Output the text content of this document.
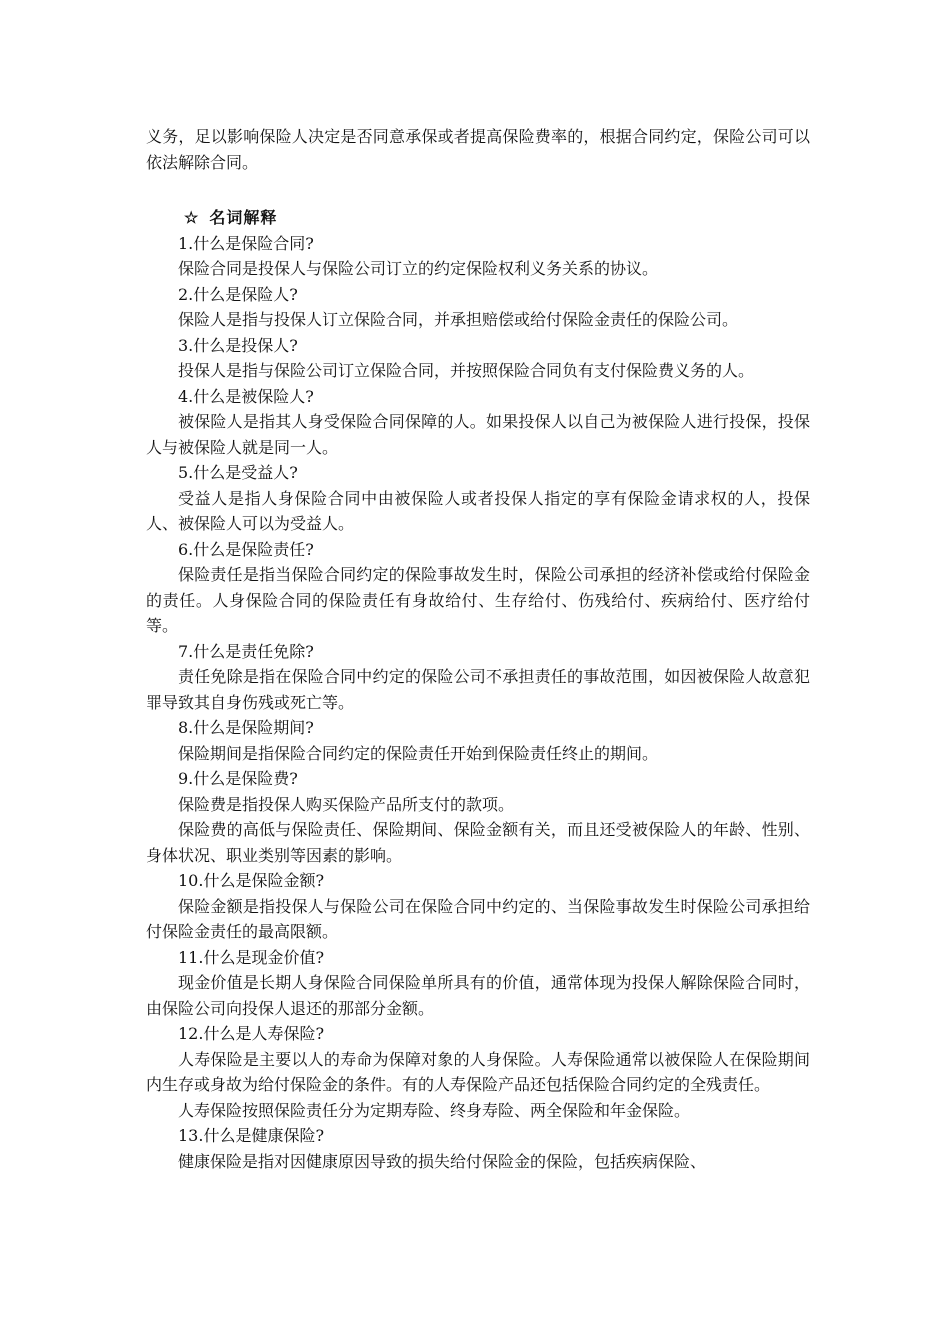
义务，足以影响保险人决定是否同意承保或者提高保险费率的，根据合同约定，保险公司可以依法解除合同。

☆ 名词解释

1.什么是保险合同?

保险合同是投保人与保险公司订立的约定保险权利义务关系的协议。

2.什么是保险人?

保险人是指与投保人订立保险合同，并承担赔偿或给付保险金责任的保险公司。

3.什么是投保人?

投保人是指与保险公司订立保险合同，并按照保险合同负有支付保险费义务的人。

4.什么是被保险人?

被保险人是指其人身受保险合同保障的人。如果投保人以自己为被保险人进行投保，投保人与被保险人就是同一人。

5.什么是受益人?

受益人是指人身保险合同中由被保险人或者投保人指定的享有保险金请求权的人，投保人、被保险人可以为受益人。

6.什么是保险责任?

保险责任是指当保险合同约定的保险事故发生时，保险公司承担的经济补偿或给付保险金的责任。人身保险合同的保险责任有身故给付、生存给付、伤残给付、疾病给付、医疗给付等。

7.什么是责任免除?

责任免除是指在保险合同中约定的保险公司不承担责任的事故范围，如因被保险人故意犯罪导致其自身伤残或死亡等。

8.什么是保险期间?

保险期间是指保险合同约定的保险责任开始到保险责任终止的期间。

9.什么是保险费?

保险费是指投保人购买保险产品所支付的款项。

保险费的高低与保险责任、保险期间、保险金额有关，而且还受被保险人的年龄、性别、身体状况、职业类别等因素的影响。

10.什么是保险金额?

保险金额是指投保人与保险公司在保险合同中约定的、当保险事故发生时保险公司承担给付保险金责任的最高限额。

11.什么是现金价值?

现金价值是长期人身保险合同保险单所具有的价值，通常体现为投保人解除保险合同时，由保险公司向投保人退还的那部分金额。

12.什么是人寿保险?

人寿保险是主要以人的寿命为保障对象的人身保险。人寿保险通常以被保险人在保险期间内生存或身故为给付保险金的条件。有的人寿保险产品还包括保险合同约定的全残责任。

人寿保险按照保险责任分为定期寿险、终身寿险、两全保险和年金保险。

13.什么是健康保险?

健康保险是指对因健康原因导致的损失给付保险金的保险，包括疾病保险、
